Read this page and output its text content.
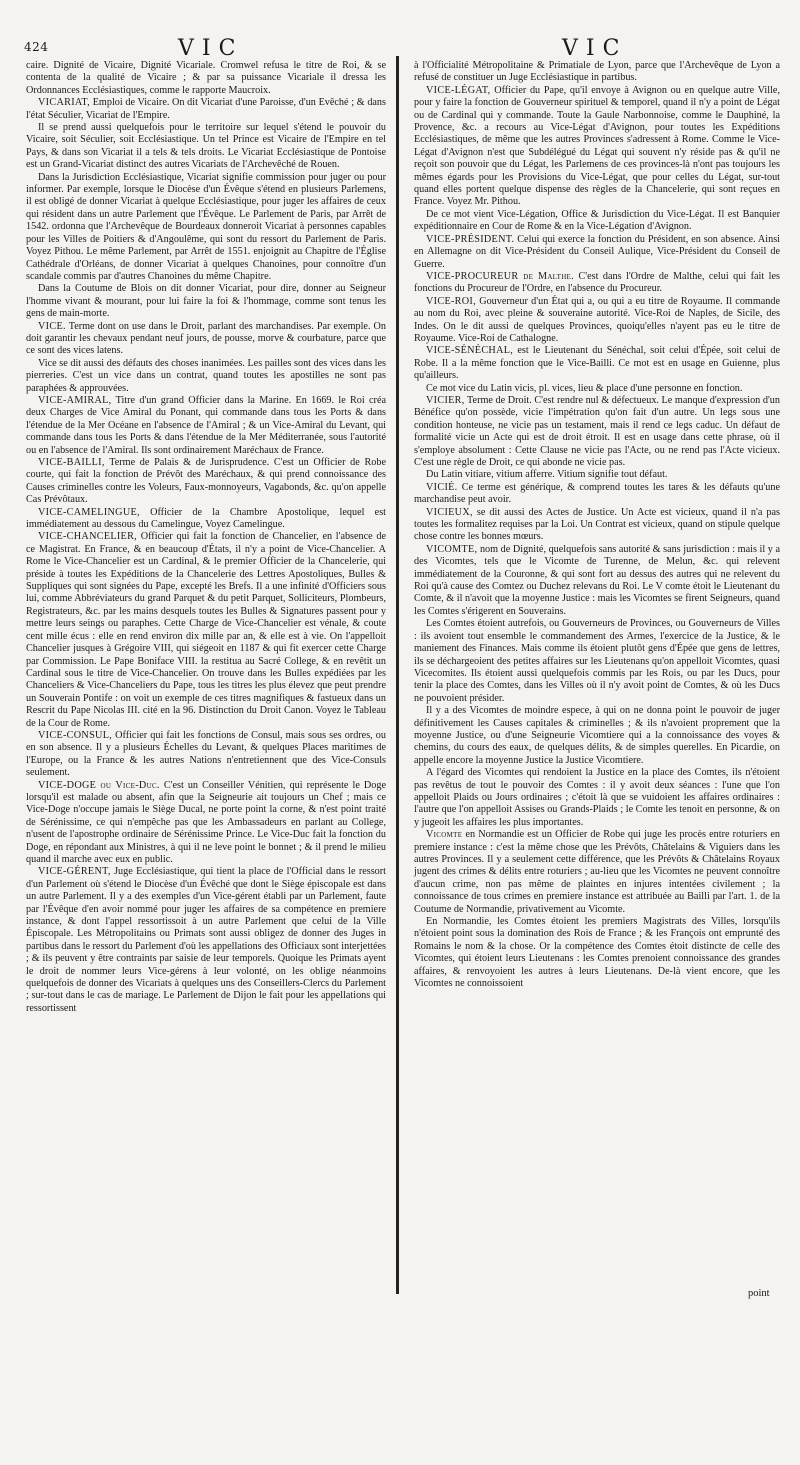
424	VIC	VIC

caire. Dignité de Vicaire, Dignité Vicariale. Cromwel refusa le titre de Roi, & se contenta de la qualité de Vicaire ; & par sa puissance Vicariale il dressa les Ordonnances Ecclésiastiques, comme le rapporte Maucroix.

VICARIAT, Emploi de Vicaire. On dit Vicariat d'une Paroisse, d'un Evêché ; & dans l'état Séculier, Vicariat de l'Empire.

Il se prend aussi quelquefois pour le territoire sur lequel s'étend le pouvoir du Vicaire, soit Séculier, soit Ecclésiastique. Un tel Prince est Vicaire de l'Empire en tel Pays, & dans son Vicariat il a tels & tels droits. Le Vicariat Ecclésiastique de Pontoise est un Grand-Vicariat distinct des autres Vicariats de l'Archevêché de Rouen.

Dans la Jurisdiction Ecclésiastique, Vicariat signifie commission pour juger ou pour informer. Par exemple, lorsque le Diocèse d'un Évêque s'étend en plusieurs Parlemens, il est obligé de donner Vicariat à quelque Ecclésiastique, pour juger les affaires de ceux qui résident dans un autre Parlement que l'Évêque. Le Parlement de Paris, par Arrêt de 1542. ordonna que l'Archevêque de Bourdeaux donneroit Vicariat à personnes capables pour les Villes de Poitiers & d'Angoulême, qui sont du ressort du Parlement de Paris. Voyez Pithou. Le même Parlement, par Arrêt de 1551. enjoignit au Chapitre de l'Église Cathédrale d'Orléans, de donner Vicariat à quelques Chanoines, pour connoître d'un scandale commis par d'autres Chanoines du même Chapitre.

Dans la Coutume de Blois on dit donner Vicariat, pour dire, donner au Seigneur l'homme vivant & mourant, pour lui faire la foi & l'hommage, comme sont tenus les gens de main-morte.

VICE. Terme dont on use dans le Droit, parlant des marchandises. Par exemple. On doit garantir les chevaux pendant neuf jours, de pousse, morve & courbature, parce que ce sont des vices latens.

Vice se dit aussi des défauts des choses inanimées. Les pailles sont des vices dans les pierreries. C'est un vice dans un contrat, quand toutes les apostilles ne sont pas paraphées & approuvées.

VICE-AMIRAL, Titre d'un grand Officier dans la Marine. En 1669. le Roi créa deux Charges de Vice Amiral du Ponant, qui commande dans tous les Ports & dans l'étendue de la Mer Océane en l'absence de l'Amiral ; & un Vice-Amiral du Levant, qui commande dans tous les Ports & dans l'étendue de la Mer Méditerranée, sous l'autorité ou en l'absence de l'Amiral. Ils sont ordinairement Maréchaux de France.

VICE-BAILLI, Terme de Palais & de Jurisprudence. C'est un Officier de Robe courte, qui fait la fonction de Prévôt des Maréchaux, & qui prend connoissance des Causes criminelles contre les Voleurs, Faux-monnoyeurs, Vagabonds, &c. qu'on appelle Cas Prévôtaux.

VICE-CAMELINGUE, Officier de la Chambre Apostolique, lequel est immédiatement au dessous du Camelingue, Voyez Camelingue.

VICE-CHANCELIER, Officier qui fait la fonction de Chancelier, en l'absence de ce Magistrat. En France, & en beaucoup d'États, il n'y a point de Vice-Chancelier. A Rome le Vice-Chancelier est un Cardinal, & le premier Officier de la Chancelerie, qui préside à toutes les Expéditions de la Chancelerie des Lettres Apostoliques, Bulles & Suppliques qui sont signées du Pape, excepté les Brefs. Il a une infinité d'Officiers sous lui, comme Abbréviateurs du grand Parquet & du petit Parquet, Solliciteurs, Plombeurs, Registrateurs, &c. par les mains desquels toutes les Bulles & Signatures passent pour y mettre leurs seings ou paraphes. Cette Charge de Vice-Chancelier est vénale, & coute cent mille écus : elle en rend environ dix mille par an, & elle est à vie. On l'appelloit Chancelier jusques à Grégoire VIII, qui siégeoit en 1187 & qui fit exercer cette Charge par Commission. Le Pape Boniface VIII. la restitua au Sacré College, & en revêtit un Cardinal sous le titre de Vice-Chancelier. On trouve dans les Bulles expédiées par les Chanceliers & Vice-Chanceliers du Pape, tous les titres les plus élevez que peut prendre un Souverain Pontife : on voit un exemple de ces titres magnifiques & fastueux dans un Rescrit du Pape Nicolas III. cité en la 96. Distinction du Droit Canon. Voyez le Tableau de la Cour de Rome.

VICE-CONSUL, Officier qui fait les fonctions de Consul, mais sous ses ordres, ou en son absence. Il y a plusieurs Échelles du Levant, & quelques Places maritimes de l'Europe, ou la France & les autres Nations n'entretiennent que des Vice-Consuls seulement.

VICE-DOGE ou Vice-Duc. C'est un Conseiller Vénitien, qui représente le Doge lorsqu'il est malade ou absent, afin que la Seigneurie ait toujours un Chef ; mais ce Vice-Doge n'occupe jamais le Siège Ducal, ne porte point la corne, & n'est point traité de Sérénissime, ce qui n'empêche pas que les Ambassadeurs en parlant au College, n'usent de l'apostrophe ordinaire de Sérénissime Prince. Le Vice-Duc fait la fonction du Doge, en répondant aux Ministres, à qui il ne leve point le bonnet ; & il prend le milieu quand il marche avec eux en public.

VICE-GÉRENT, Juge Ecclésiastique, qui tient la place de l'Official dans le ressort d'un Parlement où s'étend le Diocèse d'un Évêché que dont le Siège épiscopale est dans un autre Parlement. Il y a des exemples d'un Vice-gérent établi par un Parlement, faute par l'Évêque d'en avoir nommé pour juger les affaires de sa compétence en premiere instance, & dont l'appel ressortissoit à un autre Parlement que celui de la Ville Épiscopale. Les Métropolitains ou Primats sont aussi obligez de donner des Juges in partibus dans le ressort du Parlement d'où les appellations des Officiaux sont interjettées ; & ils peuvent y être contraints par saisie de leur temporels. Quoique les Primats ayent le droit de nommer leurs Vice-gérens à leur volonté, on les oblige néanmoins quelquefois de donner des Vicariats à quelques uns des Conseillers-Clercs du Parlement ; sur-tout dans le cas de mariage. Le Parlement de Dijon le fait pour les appellations qui ressortissent

à l'Officialité Métropolitaine & Primatiale de Lyon, parce que l'Archevêque de Lyon a refusé de constituer un Juge Ecclésiastique in partibus.

VICE-LÉGAT, Officier du Pape, qu'il envoye à Avignon ou en quelque autre Ville, pour y faire la fonction de Gouverneur spirituel & temporel, quand il n'y a point de Légat ou de Cardinal qui y commande. Toute la Gaule Narbonnoise, comme le Dauphiné, la Provence, &c. a recours au Vice-Légat d'Avignon, pour toutes les Expéditions Ecclésiastiques, de même que les autres Provinces s'adressent à Rome. Comme le Vice-Légat d'Avignon n'est que Subdélégué du Légat qui souvent n'y réside pas & qu'il ne reçoit son pouvoir que du Légat, les Parlemens de ces provinces-là n'ont pas toujours les mêmes égards pour les Provisions du Vice-Légat, que pour celles du Légat, sur-tout quand elles portent quelque dispense des règles de la Chancelerie, qui sont reçues en France. Voyez Mr. Pithou.

De ce mot vient Vice-Légation, Office & Jurisdiction du Vice-Légat. Il est Banquier expéditionnaire en Cour de Rome & en la Vice-Légation d'Avignon.

VICE-PRÉSIDENT. Celui qui exerce la fonction du Président, en son absence. Ainsi en Allemagne on dit Vice-Président du Conseil Aulique, Vice-Président du Conseil de Guerre.

VICE-PROCUREUR de Malthe. C'est dans l'Ordre de Malthe, celui qui fait les fonctions du Procureur de l'Ordre, en l'absence du Procureur.

VICE-ROI, Gouverneur d'un État qui a, ou qui a eu titre de Royaume. Il commande au nom du Roi, avec pleine & souveraine autorité. Vice-Roi de Naples, de Sicile, des Indes. On le dit aussi de quelques Provinces, quoiqu'elles n'ayent pas eu le titre de Royaume. Vice-Roi de Cathalogne.

VICE-SÉNÉCHAL, est le Lieutenant du Sénéchal, soit celui d'Épée, soit celui de Robe. Il a la même fonction que le Vice-Bailli. Ce mot est en usage en Guienne, plus qu'ailleurs.

Ce mot vice du Latin vicis, pl. vices, lieu & place d'une personne en fonction.

VICIER, Terme de Droit. C'est rendre nul & défectueux. Le manque d'expression d'un Bénéfice qu'on possède, vicie l'impétration qu'on fait d'un autre. Un legs sous une condition honteuse, ne vicie pas un testament, mais il rend ce legs caduc. Un défaut de formalité vicie un Acte qui est de droit étroit. Il est en usage dans cette phrase, où il s'employe absolument : Cette Clause ne vicie pas l'Acte, ou ne rend pas l'Acte vicieux. C'est une règle de Droit, ce qui abonde ne vicie pas.

Du Latin vitiare, vitium afferre. Vitium signifie tout défaut.

VICIÉ. Ce terme est générique, & comprend toutes les tares & les défauts qu'une marchandise peut avoir.

VICIEUX, se dit aussi des Actes de Justice. Un Acte est vicieux, quand il n'a pas toutes les formalitez requises par la Loi. Un Contrat est vicieux, quand on stipule quelque chose contre les bonnes mœurs.

VICOMTE, nom de Dignité, quelquefois sans autorité & sans jurisdiction : mais il y a des Vicomtes, tels que le Vicomte de Turenne, de Melun, &c. qui relevent immédiatement de la Couronne, & qui sont fort au dessus des autres qui ne relevent du Roi qu'à cause des Comtez ou Duchez relevans du Roi. Le V comte étoit le Lieutenant du Comte, & il n'avoit que la moyenne Justice : mais les Vicomtes se firent Seigneurs, quand les Comtes s'érigerent en Souverains.

Les Comtes étoient autrefois, ou Gouverneurs de Provinces, ou Gouverneurs de Villes : ils avoient tout ensemble le commandement des Armes, l'exercice de la Justice, & le maniement des Finances. Mais comme ils étoient plutôt gens d'Épée que gens de lettres, ils se déchargeoient des petites affaires sur les Lieutenans qu'on appelloit Vicomtes, quasi Vicecomites. Ils étoient aussi quelquefois commis par les Rois, ou par les Ducs, pour tenir la place des Comtes, dans les Villes où il n'y avoit point de Comtes, & où les Ducs ne pouvoient présider.

Il y a des Vicomtes de moindre espece, à qui on ne donna point le pouvoir de juger définitivement les Causes capitales & criminelles ; & ils n'avoient proprement que la moyenne Justice, ou d'une Seigneurie Vicomtiere qui a la connoissance des voyes & chemins, du cours des eaux, de quelques délits, & de simples querelles. En Picardie, on appelle encore la moyenne Justice la Justice Vicomtiere.

A l'égard des Vicomtes qui rendoient la Justice en la place des Comtes, ils n'étoient pas revêtus de tout le pouvoir des Comtes : il y avoit deux séances : l'une que l'on appelloit Plaids ou Jours ordinaires ; c'étoit là que se vuidoient les affaires ordinaires : l'autre que l'on appelloit Assises ou Grands-Plaids ; le Comte les tenoit en personne, & on y jugeoit les affaires les plus importantes.

Vicomte en Normandie est un Officier de Robe qui juge les procès entre roturiers en premiere instance : c'est la même chose que les Prévôts, Châtelains & Viguiers dans les autres Provinces. Il y a seulement cette différence, que les Prévôts & Châtelains Royaux jugent des crimes & délits entre roturiers ; au-lieu que les Vicomtes ne peuvent connoître d'aucun crime, non pas même de plaintes en injures intentées civilement ; la connoissance de tous crimes en premiere instance est attribuée au Bailli par l'art. 1. de la Coutume de Normandie, privativement au Vicomte.

En Normandie, les Comtes étoient les premiers Magistrats des Villes, lorsqu'ils n'étoient point sous la domination des Rois de France ; & les François ont emprunté des Romains le nom & la chose. Or la compétence des Comtes étoit distincte de celle des Vicomtes, qui étoient leurs Lieutenans : les Comtes prenoient connoissance des grandes affaires, & renvoyoient les autres à leurs Lieutenans. De-là vient encore, que les Vicomtes ne connoissoient

point
